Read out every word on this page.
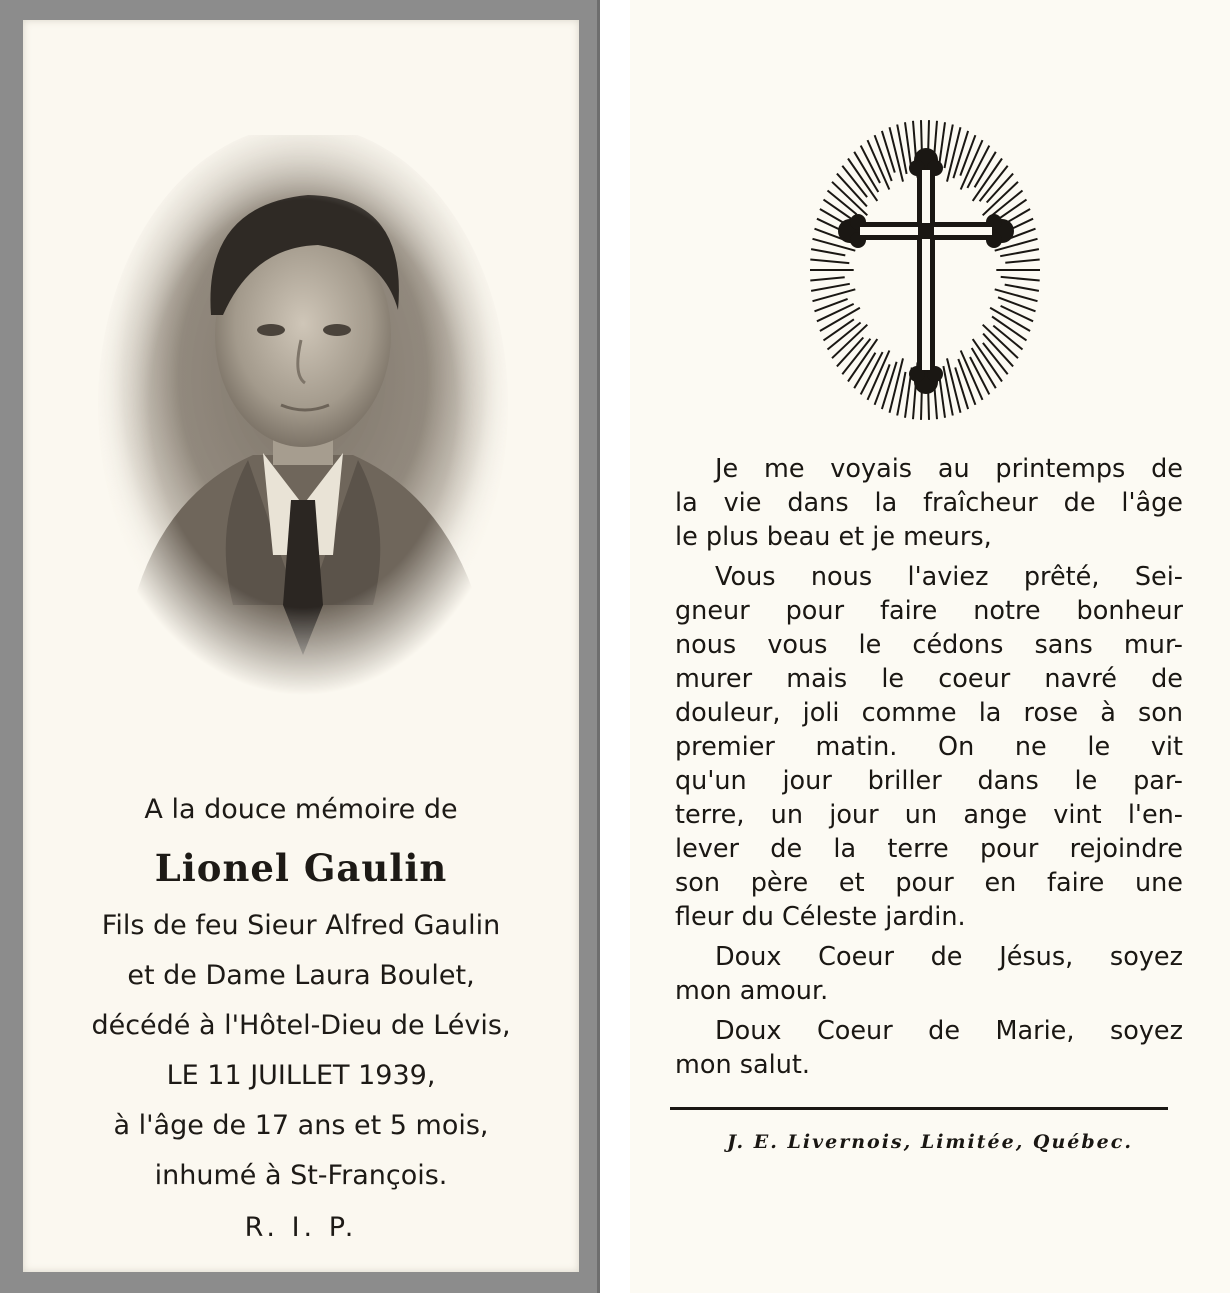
A la douce mémoire de
Lionel Gaulin
Fils de feu Sieur Alfred Gaulin
et de Dame Laura Boulet,
décédé à l'Hôtel-Dieu de Lévis,
LE 11 JUILLET 1939,
à l'âge de 17 ans et 5 mois,
inhumé à St-François.
R. I. P.
Je me voyais au printemps de
la vie dans la fraîcheur de l'âge
le plus beau et je meurs,
Vous nous l'aviez prêté, Sei-
gneur pour faire notre bonheur
nous vous le cédons sans mur-
murer mais le coeur navré de
douleur, joli comme la rose à son
premier matin. On ne le vit
qu'un jour briller dans le par-
terre, un jour un ange vint l'en-
lever de la terre pour rejoindre
son père et pour en faire une
fleur du Céleste jardin.
Doux Coeur de Jésus, soyez
mon amour.
Doux Coeur de Marie, soyez
mon salut.
J. E. Livernois, Limitée, Québec.
